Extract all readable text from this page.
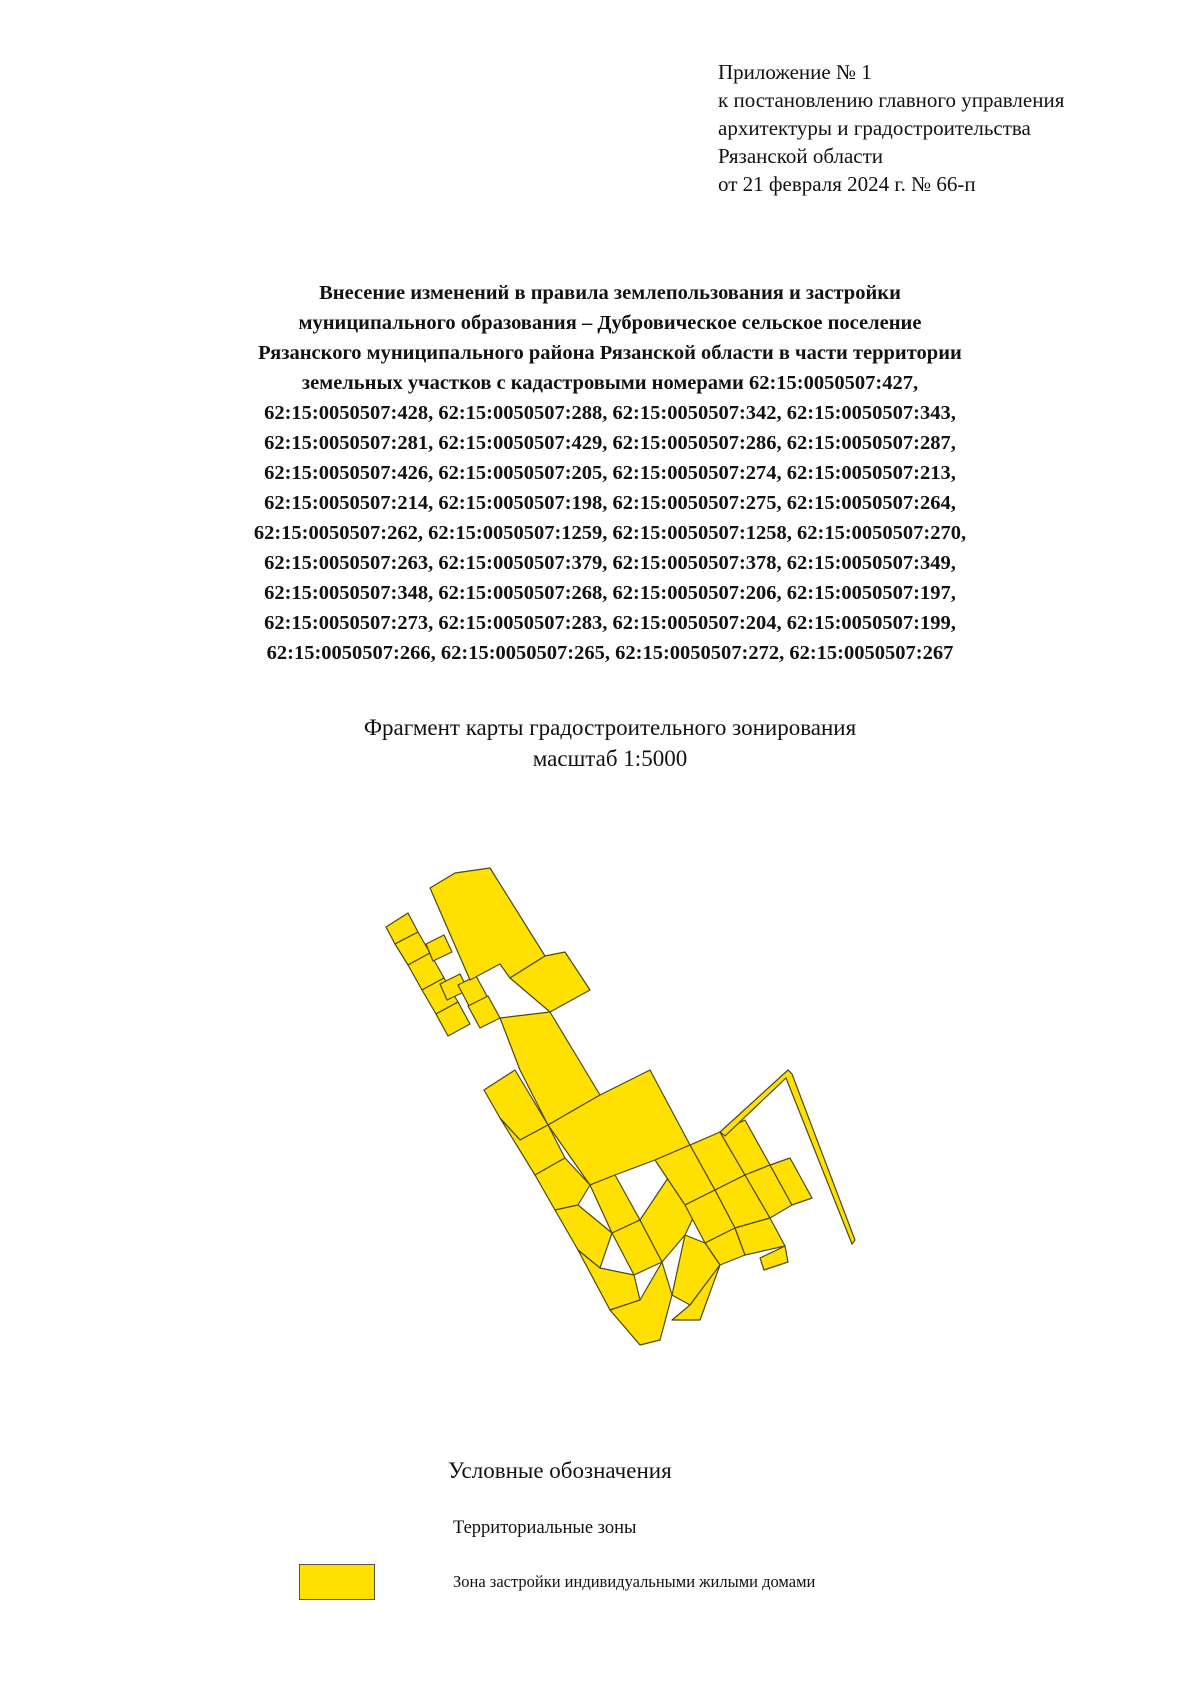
Приложение № 1
к постановлению главного управления
архитектуры и градостроительства
Рязанской области
от 21 февраля 2024 г. № 66-п
Внесение изменений в правила землепользования и застройки
муниципального образования – Дубровическое сельское поселение
Рязанского муниципального района Рязанской области в части территории
земельных участков с кадастровыми номерами 62:15:0050507:427,
62:15:0050507:428, 62:15:0050507:288, 62:15:0050507:342, 62:15:0050507:343,
62:15:0050507:281, 62:15:0050507:429, 62:15:0050507:286, 62:15:0050507:287,
62:15:0050507:426, 62:15:0050507:205, 62:15:0050507:274, 62:15:0050507:213,
62:15:0050507:214, 62:15:0050507:198, 62:15:0050507:275, 62:15:0050507:264,
62:15:0050507:262, 62:15:0050507:1259, 62:15:0050507:1258, 62:15:0050507:270,
62:15:0050507:263, 62:15:0050507:379, 62:15:0050507:378, 62:15:0050507:349,
62:15:0050507:348, 62:15:0050507:268, 62:15:0050507:206, 62:15:0050507:197,
62:15:0050507:273, 62:15:0050507:283, 62:15:0050507:204, 62:15:0050507:199,
62:15:0050507:266, 62:15:0050507:265, 62:15:0050507:272, 62:15:0050507:267
Фрагмент карты градостроительного зонирования
масштаб 1:5000
Условные обозначения
Территориальные зоны
Зона застройки индивидуальными жилыми домами
